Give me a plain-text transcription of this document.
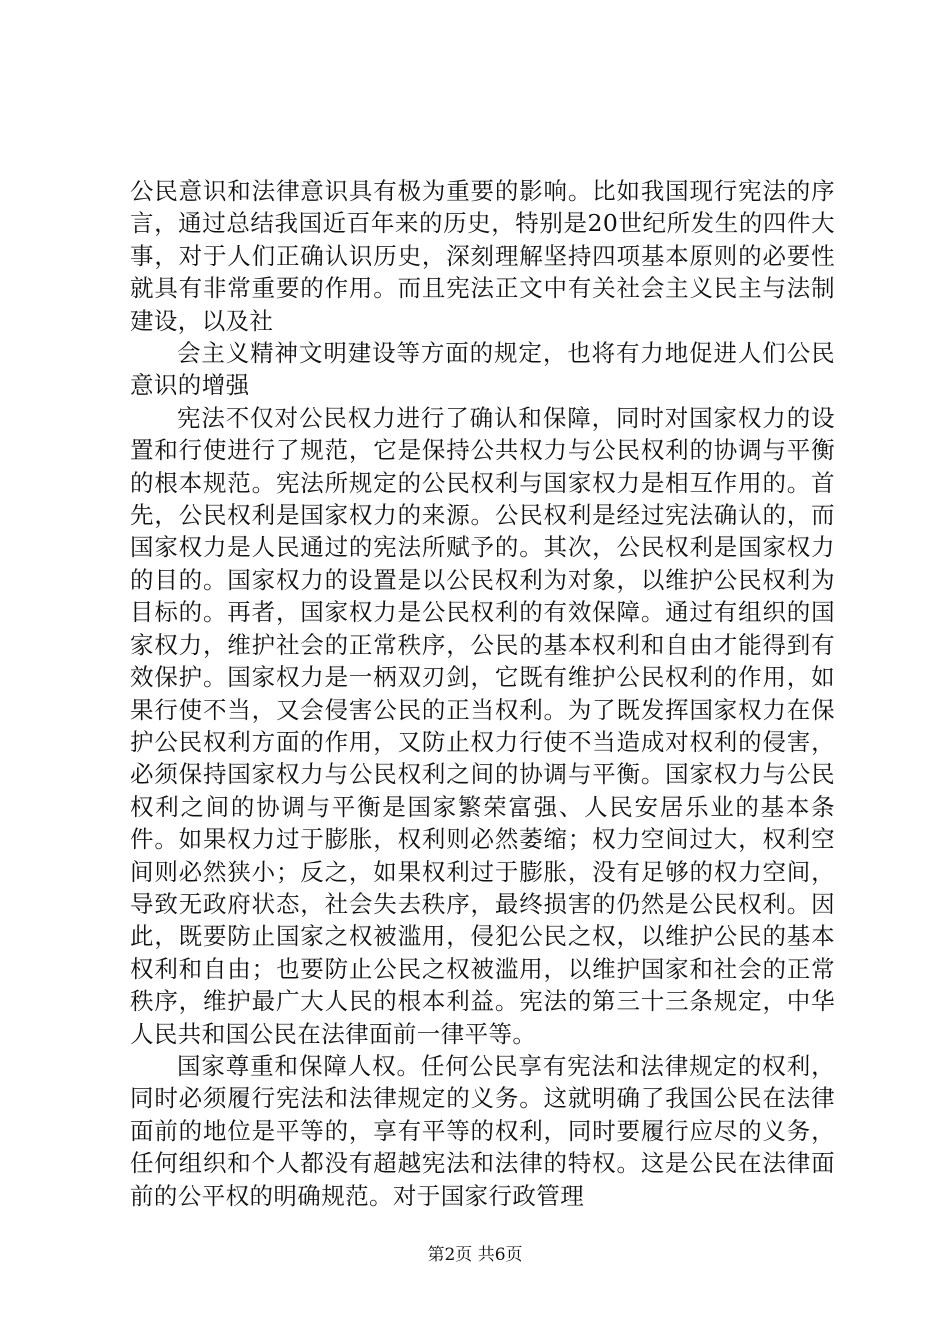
公民意识和法律意识具有极为重要的影响。比如我国现行宪法的序言，通过总结我国近百年来的历史，特别是20世纪所发生的四件大事，对于人们正确认识历史，深刻理解坚持四项基本原则的必要性就具有非常重要的作用。而且宪法正文中有关社会主义民主与法制建设，以及社

会主义精神文明建设等方面的规定，也将有力地促进人们公民意识的增强

宪法不仅对公民权力进行了确认和保障，同时对国家权力的设置和行使进行了规范，它是保持公共权力与公民权利的协调与平衡的根本规范。宪法所规定的公民权利与国家权力是相互作用的。首先，公民权利是国家权力的来源。公民权利是经过宪法确认的，而国家权力是人民通过的宪法所赋予的。其次，公民权利是国家权力的目的。国家权力的设置是以公民权利为对象，以维护公民权利为目标的。再者，国家权力是公民权利的有效保障。通过有组织的国家权力，维护社会的正常秩序，公民的基本权利和自由才能得到有效保护。国家权力是一柄双刃剑，它既有维护公民权利的作用，如果行使不当，又会侵害公民的正当权利。为了既发挥国家权力在保护公民权利方面的作用，又防止权力行使不当造成对权利的侵害，必须保持国家权力与公民权利之间的协调与平衡。国家权力与公民权利之间的协调与平衡是国家繁荣富强、人民安居乐业的基本条件。如果权力过于膨胀，权利则必然萎缩；权力空间过大，权利空间则必然狭小；反之，如果权利过于膨胀，没有足够的权力空间，导致无政府状态，社会失去秩序，最终损害的仍然是公民权利。因此，既要防止国家之权被滥用，侵犯公民之权，以维护公民的基本权利和自由；也要防止公民之权被滥用，以维护国家和社会的正常秩序，维护最广大人民的根本利益。宪法的第三十三条规定，中华人民共和国公民在法律面前一律平等。

国家尊重和保障人权。任何公民享有宪法和法律规定的权利，同时必须履行宪法和法律规定的义务。这就明确了我国公民在法律面前的地位是平等的，享有平等的权利，同时要履行应尽的义务，任何组织和个人都没有超越宪法和法律的特权。这是公民在法律面前的公平权的明确规范。对于国家行政管理

第2页 共6页
